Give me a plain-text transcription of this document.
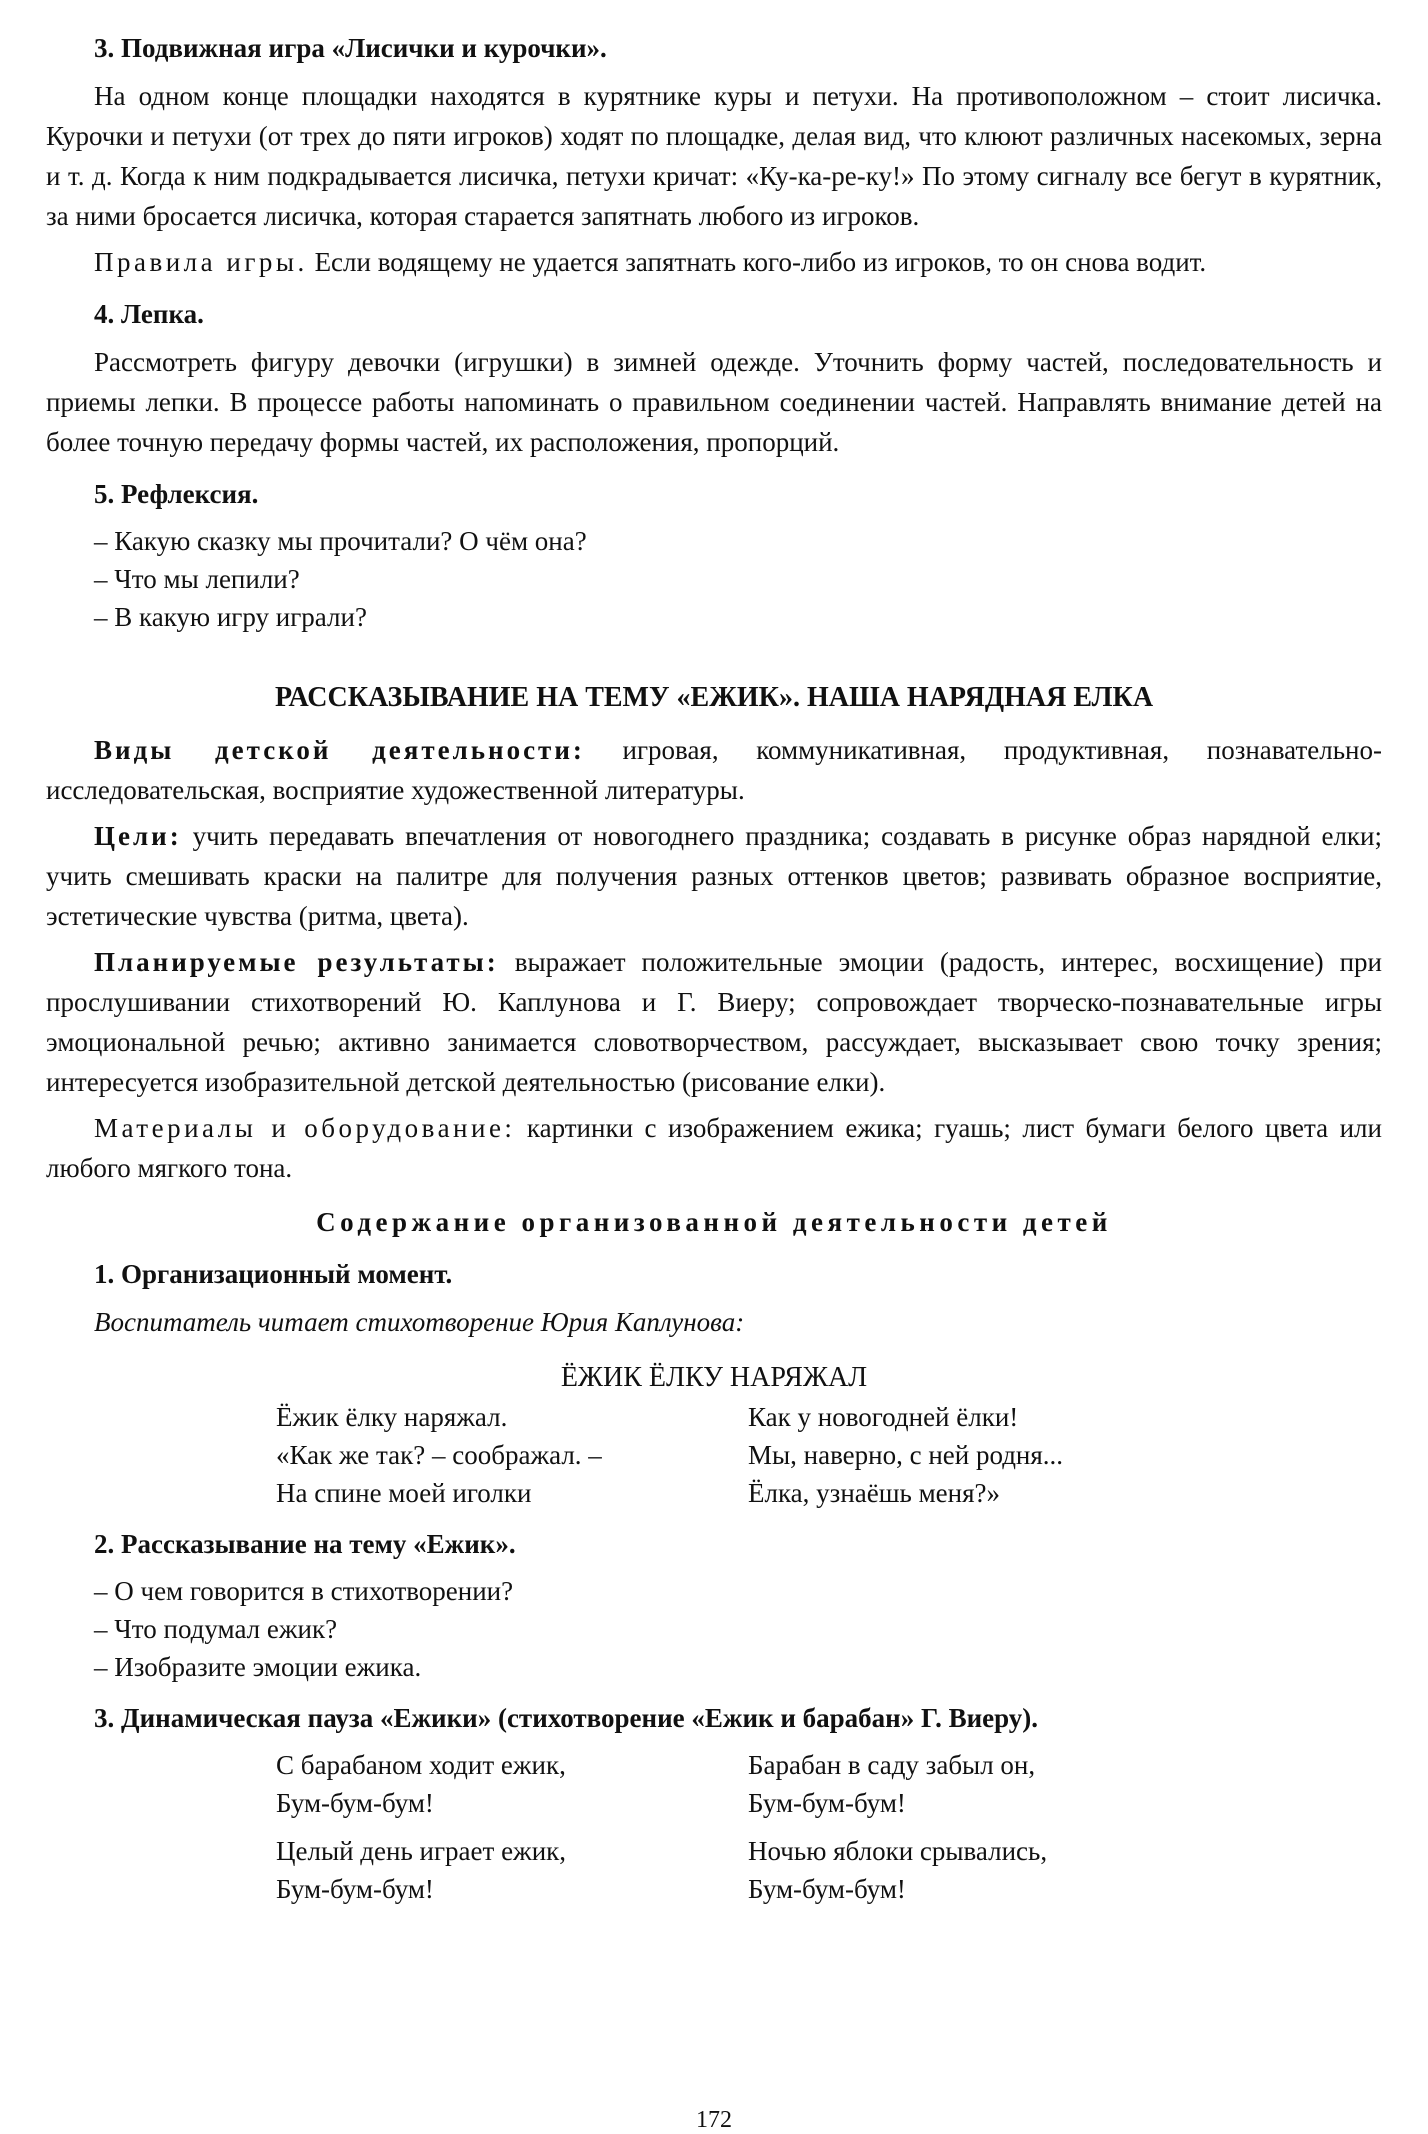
3. Подвижная игра «Лисички и курочки».

На одном конце площадки находятся в курятнике куры и петухи. На противоположном – стоит лисичка. Курочки и петухи (от трех до пяти игроков) ходят по площадке, делая вид, что клюют различных насекомых, зерна и т. д. Когда к ним подкрадывается лисичка, петухи кричат: «Ку-ка-ре-ку!» По этому сигналу все бегут в курятник, за ними бросается лисичка, которая старается запятнать любого из игроков.

Правила игры. Если водящему не удается запятнать кого-либо из игроков, то он снова водит.

4. Лепка.

Рассмотреть фигуру девочки (игрушки) в зимней одежде. Уточнить форму частей, последовательность и приемы лепки. В процессе работы напоминать о правильном соединении частей. Направлять внимание детей на более точную передачу формы частей, их расположения, пропорций.

5. Рефлексия.

– Какую сказку мы прочитали? О чём она?

– Что мы лепили?

– В какую игру играли?

РАССКАЗЫВАНИЕ НА ТЕМУ «ЕЖИК». НАША НАРЯДНАЯ ЕЛКА

Виды детской деятельности: игровая, коммуникативная, продуктивная, познавательно-исследовательская, восприятие художественной литературы.

Цели: учить передавать впечатления от новогоднего праздника; создавать в рисунке образ нарядной елки; учить смешивать краски на палитре для получения разных оттенков цветов; развивать образное восприятие, эстетические чувства (ритма, цвета).

Планируемые результаты: выражает положительные эмоции (радость, интерес, восхищение) при прослушивании стихотворений Ю. Каплунова и Г. Виеру; сопровождает творческо-познавательные игры эмоциональной речью; активно занимается словотворчеством, рассуждает, высказывает свою точку зрения; интересуется изобразительной детской деятельностью (рисование елки).

Материалы и оборудование: картинки с изображением ежика; гуашь; лист бумаги белого цвета или любого мягкого тона.

Содержание организованной деятельности детей
1. Организационный момент.

Воспитатель читает стихотворение Юрия Каплунова:

ЁЖИК ЁЛКУ НАРЯЖАЛ
Ёжик ёлку наряжал.	Как у новогодней ёлки!
«Как же так? – соображал. –	Мы, наверно, с ней родня...
На спине моей иголки	Ёлка, узнаёшь меня?»
2. Рассказывание на тему «Ежик».

– О чем говорится в стихотворении?

– Что подумал ежик?

– Изобразите эмоции ежика.

3. Динамическая пауза «Ежики» (стихотворение «Ежик и барабан» Г. Виеру).
С барабаном ходит ежик,	Барабан в саду забыл он,
Бум-бум-бум!	Бум-бум-бум!
Целый день играет ежик,	Ночью яблоки срывались,
Бум-бум-бум!	Бум-бум-бум!
172
